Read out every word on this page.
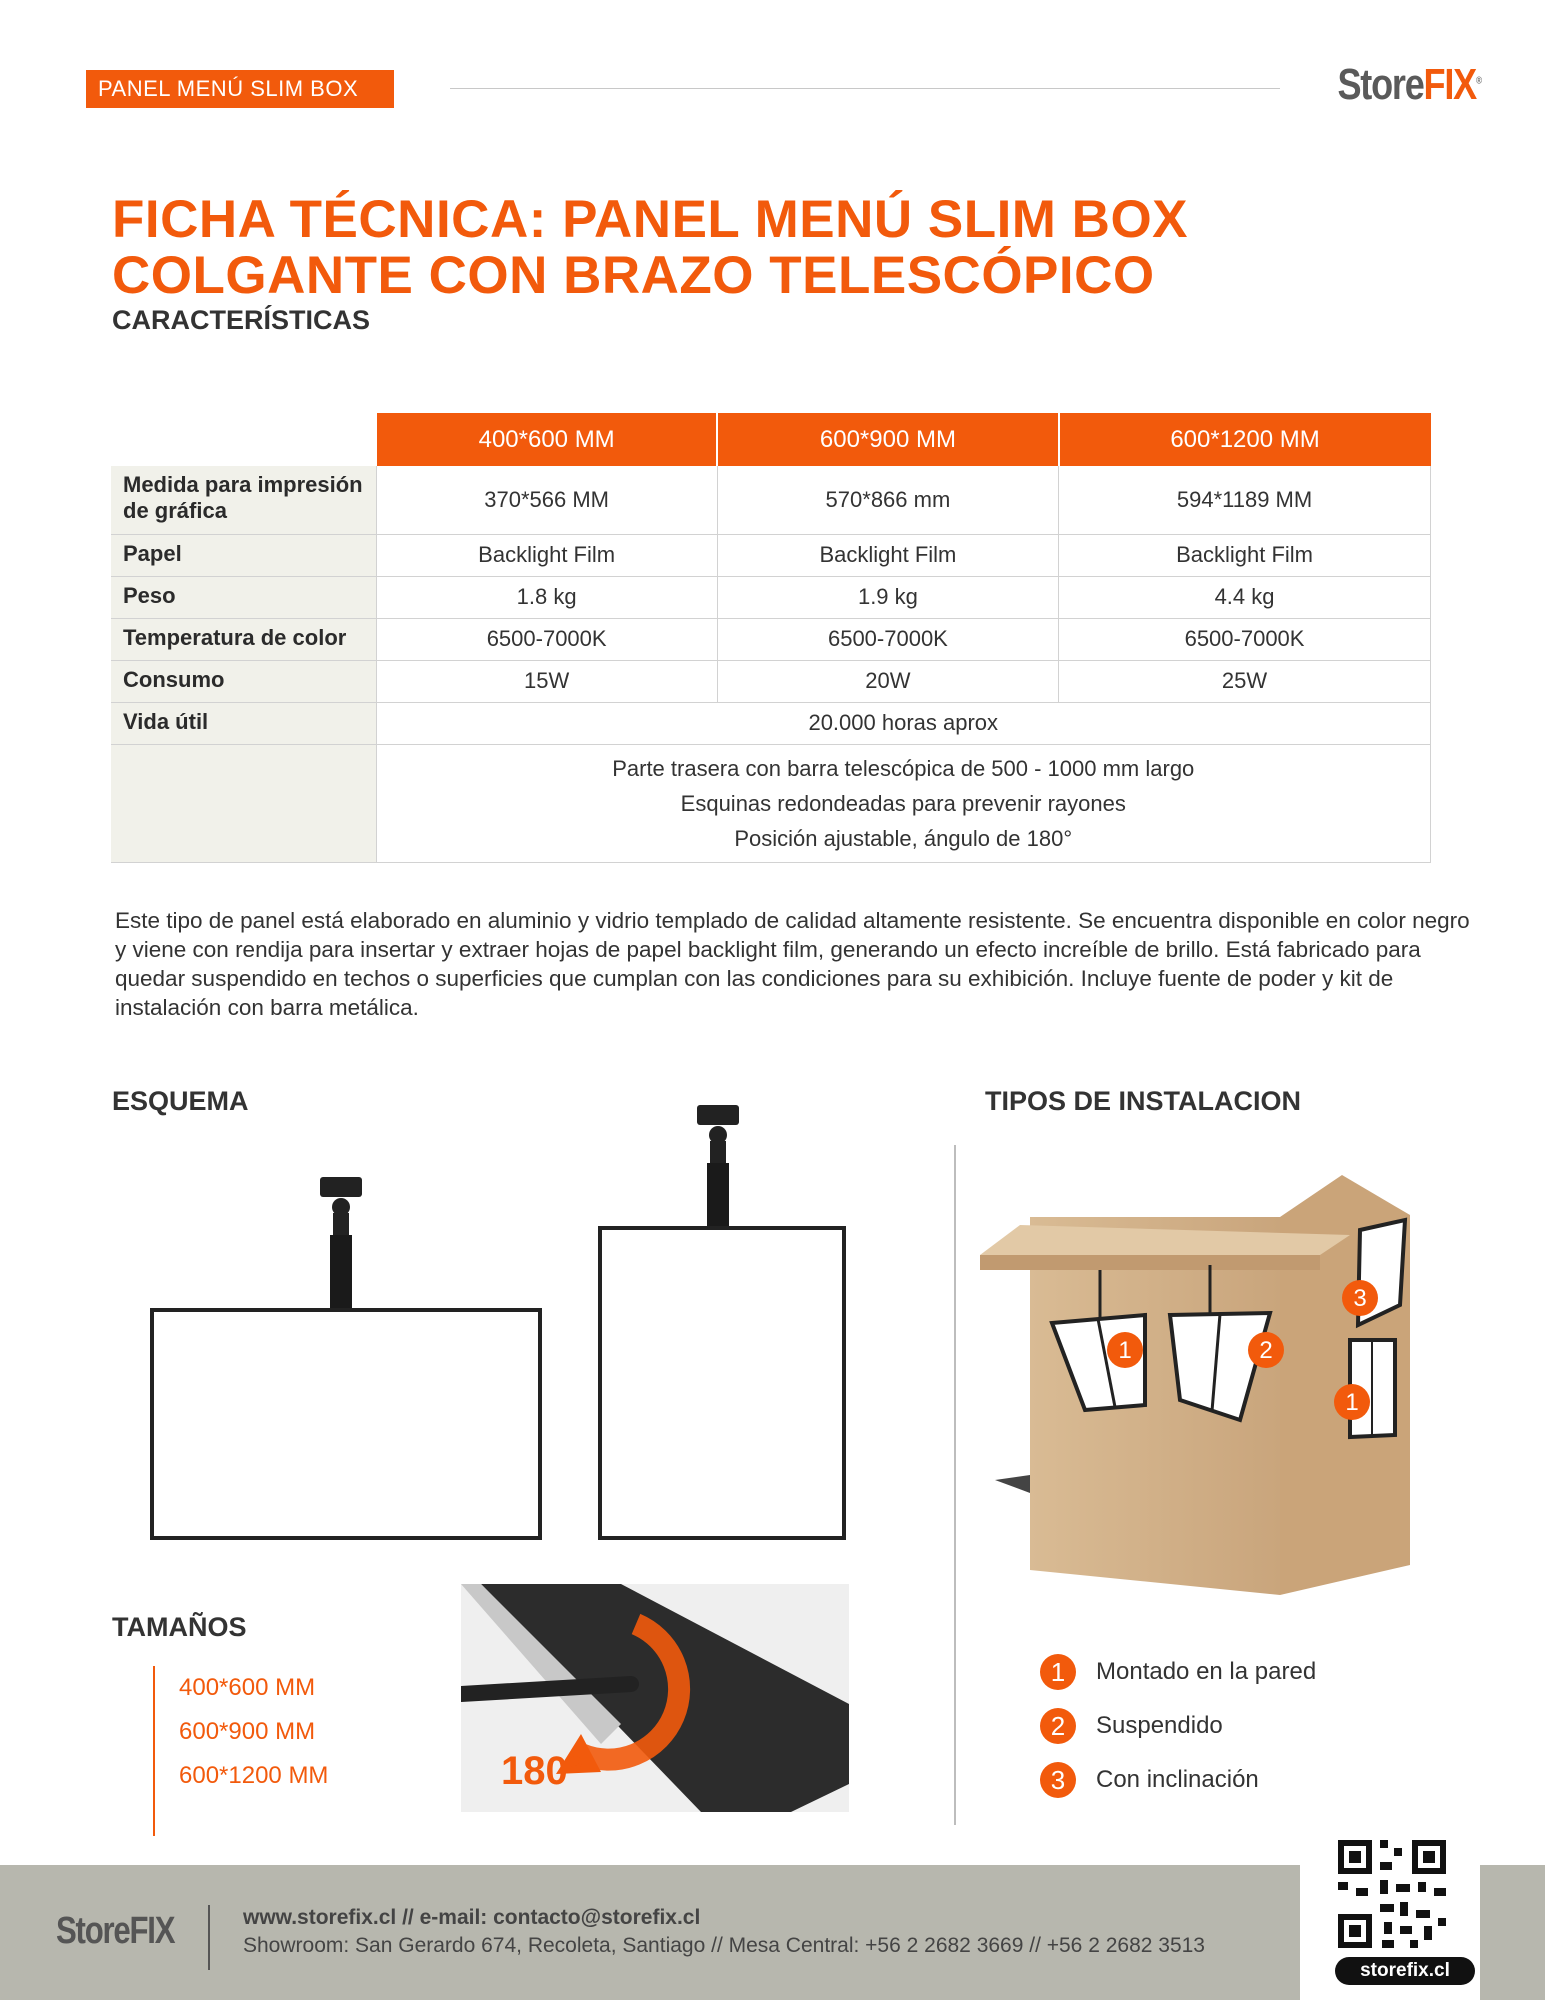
PANEL MENÚ SLIM BOX	StoreFIX®
FICHA TÉCNICA: PANEL MENÚ SLIM BOX
COLGANTE CON BRAZO TELESCÓPICO
CARACTERÍSTICAS
	400*600 MM	600*900 MM	600*1200 MM
Medida para impresión de gráfica	370*566 MM	570*866 mm	594*1189 MM
Papel	Backlight Film	Backlight Film	Backlight Film
Peso	1.8 kg	1.9 kg	4.4 kg
Temperatura de color	6500-7000K	6500-7000K	6500-7000K
Consumo	15W	20W	25W
Vida útil	20.000 horas aprox		

	Parte trasera con barra telescópica de 500 - 1000 mm largo
Esquinas redondeadas para prevenir rayones
Posición ajustable, ángulo de 180°		

Este tipo de panel está elaborado en aluminio y vidrio templado de calidad altamente resistente. Se encuentra disponible en color negro y viene con rendija para insertar y extraer hojas de papel backlight film, generando un efecto increíble de brillo. Está fabricado para quedar suspendido en techos o superficies que cumplan con las condiciones para su exhibición. Incluye fuente de poder y kit de instalación con barra metálica.

ESQUEMA	TIPOS DE INSTALACION
TAMAÑOS
1	2
3
1
400*600 MM
600*900 MM
600*1200 MM	180°
1	Montado en la pared
2	Suspendido
3	Con inclinación
StoreFIX	www.storefix.cl // e-mail: contacto@storefix.cl
Showroom: San Gerardo 674, Recoleta, Santiago // Mesa Central: +56 2 2682 3669 // +56 2 2682 3513
storefix.cl
